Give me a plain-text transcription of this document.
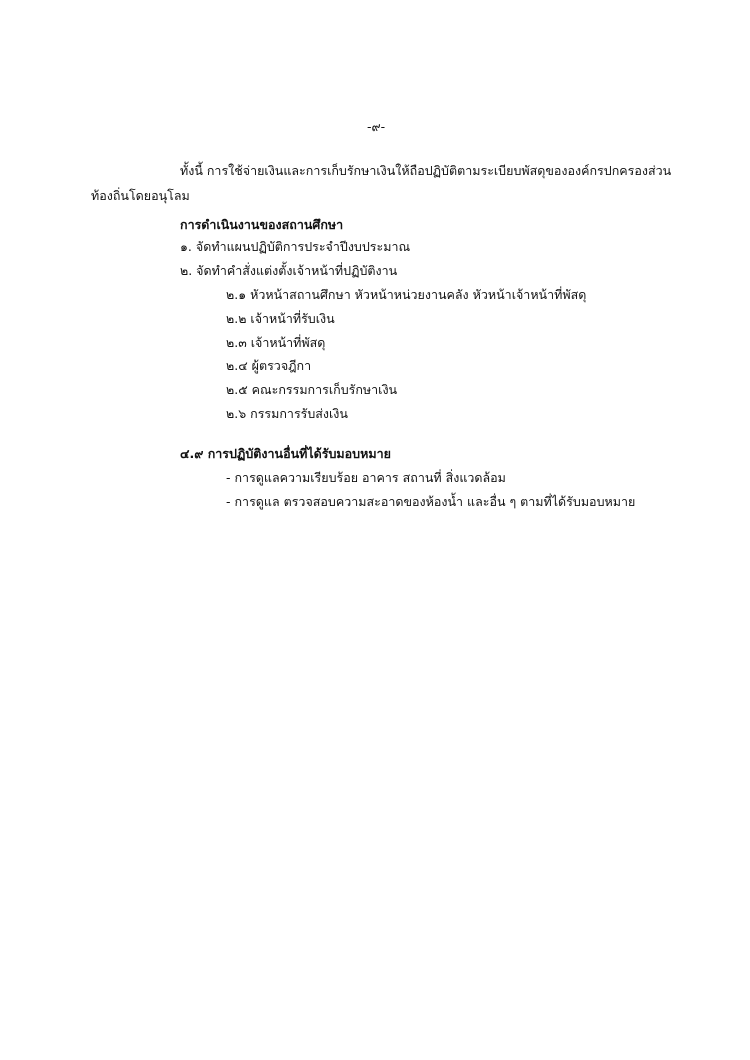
-๙-
ทั้งนี้ การใช้จ่ายเงินและการเก็บรักษาเงินให้ถือปฏิบัติตามระเบียบพัสดุขององค์กรปกครองส่วน
ท้องถิ่นโดยอนุโลม
การดำเนินงานของสถานศึกษา
๑. จัดทำแผนปฏิบัติการประจำปีงบประมาณ
๒. จัดทำคำสั่งแต่งตั้งเจ้าหน้าที่ปฏิบัติงาน
๒.๑ หัวหน้าสถานศึกษา หัวหน้าหน่วยงานคลัง หัวหน้าเจ้าหน้าที่พัสดุ
๒.๒ เจ้าหน้าที่รับเงิน
๒.๓ เจ้าหน้าที่พัสดุ
๒.๔ ผู้ตรวจฎีกา
๒.๕ คณะกรรมการเก็บรักษาเงิน
๒.๖ กรรมการรับส่งเงิน
๔.๙ การปฏิบัติงานอื่นที่ได้รับมอบหมาย
- การดูแลความเรียบร้อย อาคาร สถานที่ สิ่งแวดล้อม
- การดูแล ตรวจสอบความสะอาดของห้องน้ำ และอื่น ๆ ตามที่ได้รับมอบหมาย
